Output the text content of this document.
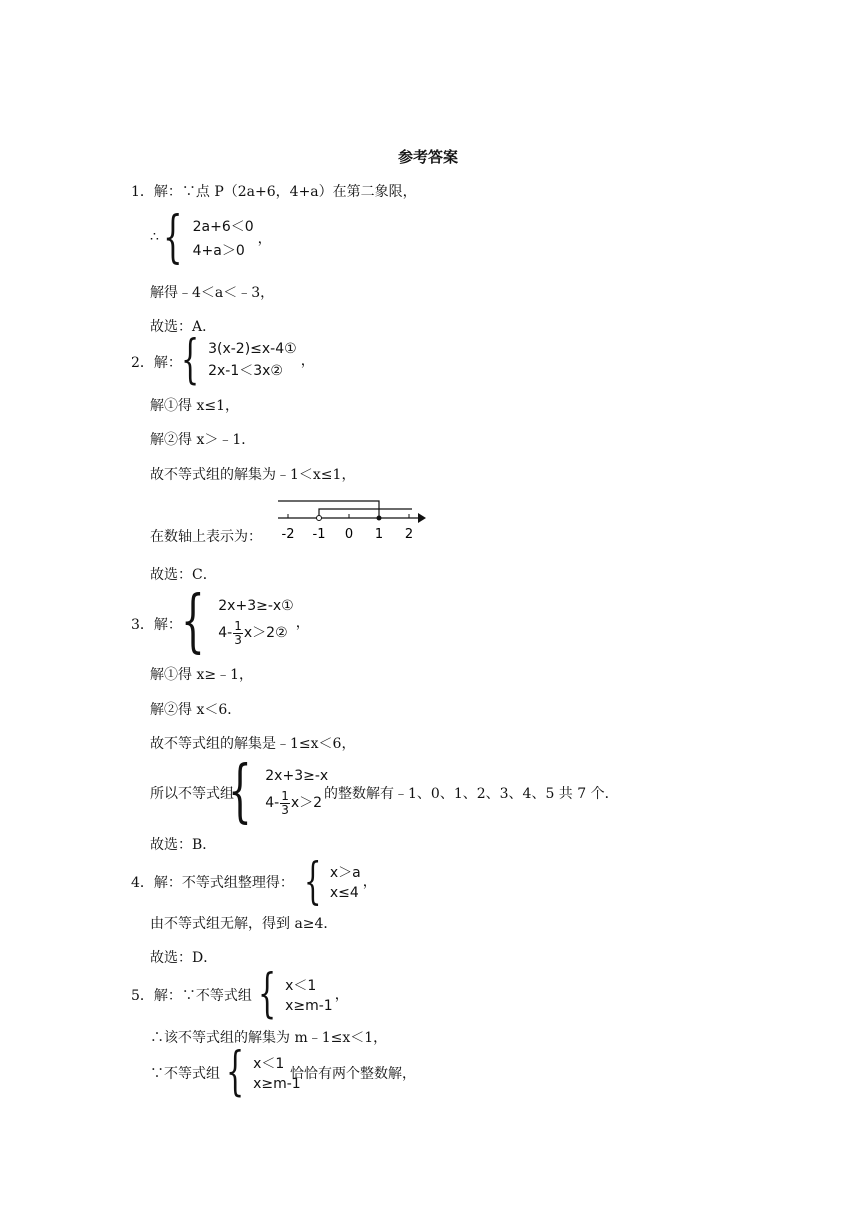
参考答案
1．解：∵点 P（2a+6，4+a）在第二象限，
∴ { 2a+6＜0
4+a＞0
，
解得﹣4＜a＜﹣3，
故选：A．
2．解： { 3(x-2)≤x-4①
2x-1＜3x②
，
解①得 x≤1，
解②得 x＞﹣1．
故不等式组的解集为﹣1＜x≤1，
在数轴上表示为： -2 -1 0 1 2
故选：C．
3．解： { 2x+3≥-x①
$4- \frac{1}{3}$ x＞2②
，
解①得 x≥﹣1，
解②得 x＜6．
故不等式组的解集是﹣1≤x＜6，
所以不等式组
{ 2x+3≥-x
$4- \frac{1}{3} x>2$
的整数解有﹣1、0、1、2、3、4、5 共 7 个．
故选：B．
4．解：不等式组整理得： { x＞a
x≤4
，
由不等式组无解，得到 a≥4．
故选：D．
5．解：∵不等式组 { x＜1
x≥m-1
，
∴该不等式组的解集为 m﹣1≤x＜1，
∵不等式组 { x＜1
x≥m-1
恰恰有两个整数解，
